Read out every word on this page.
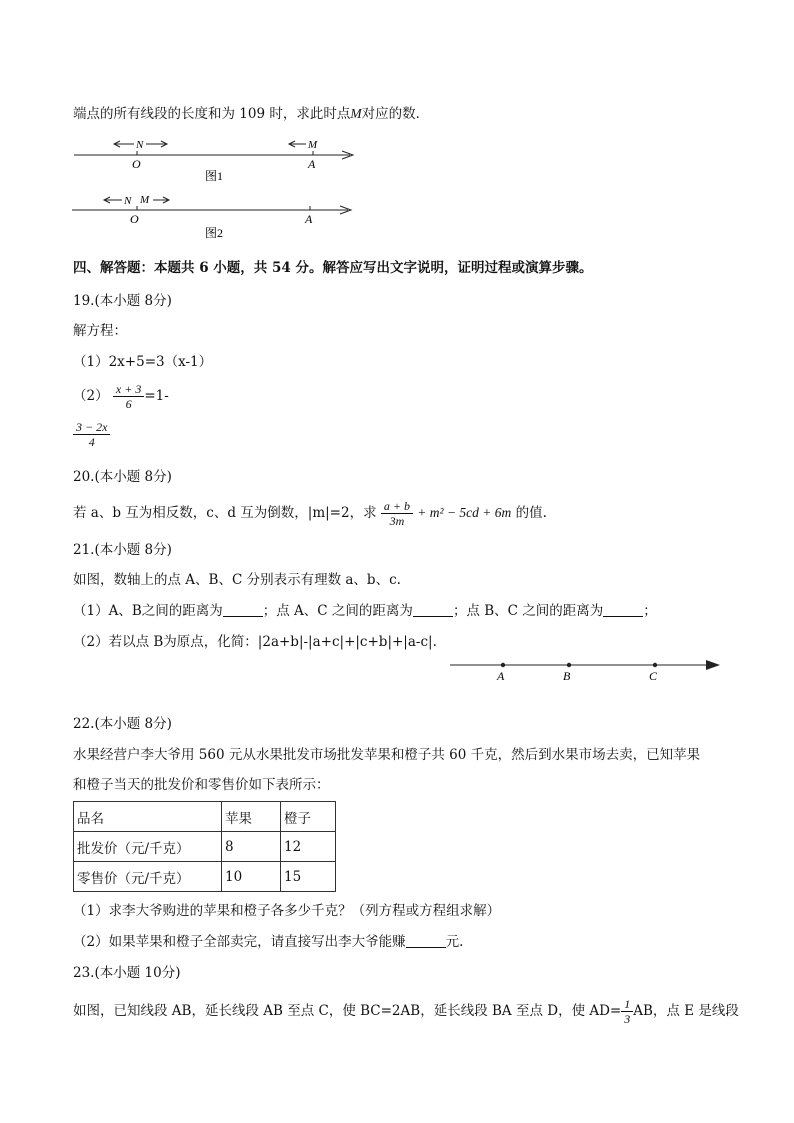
端点的所有线段的长度和为 109 时，求此时点M对应的数．
N	M
O	A
图1
N M
O	A
图2
四、解答题：本题共 6 小题，共 54 分。解答应写出文字说明，证明过程或演算步骤。
19.(本小题 8分)
解方程：
（1）2x+5=3（x-1）
$(2) \frac{x + 3}{6} =1-$
$\frac{3 - 2x}{4}$
20.(本小题 8分)
若 a、b 互为相反数，c、d 互为倒数，|m|=2，求 $\frac{a + b}{3m} + m^2 - 5cd + 6m$ 的值.
21.(本小题 8分)
如图，数轴上的点 A、B、C 分别表示有理数 a、b、c.
（1）A、B之间的距离为	；点 A、C 之间的距离为	；点 B、C 之间的距离为	；
（2）若以点 B为原点，化简：|2a+b|-|a+c|+|c+b|+|a-c|.
A	B	C
22.(本小题 8分)
水果经营户李大爷用 560 元从水果批发市场批发苹果和橙子共 60 千克，然后到水果市场去卖，已知苹果
和橙子当天的批发价和零售价如下表所示：
品名	苹果	橙子
批发价（元/千克）	8	12
零售价（元/千克）	10	15
（1）求李大爷购进的苹果和橙子各多少千克？（列方程或方程组求解）
（2）如果苹果和橙子全部卖完，请直接写出李大爷能赚	元.
23.(本小题 10分)
如图，已知线段 AB，延长线段 AB 至点 C，使 BC=2AB，延长线段 BA 至点 D，使 $AD= \frac{1}{3}$ AB，点 E 是线段
